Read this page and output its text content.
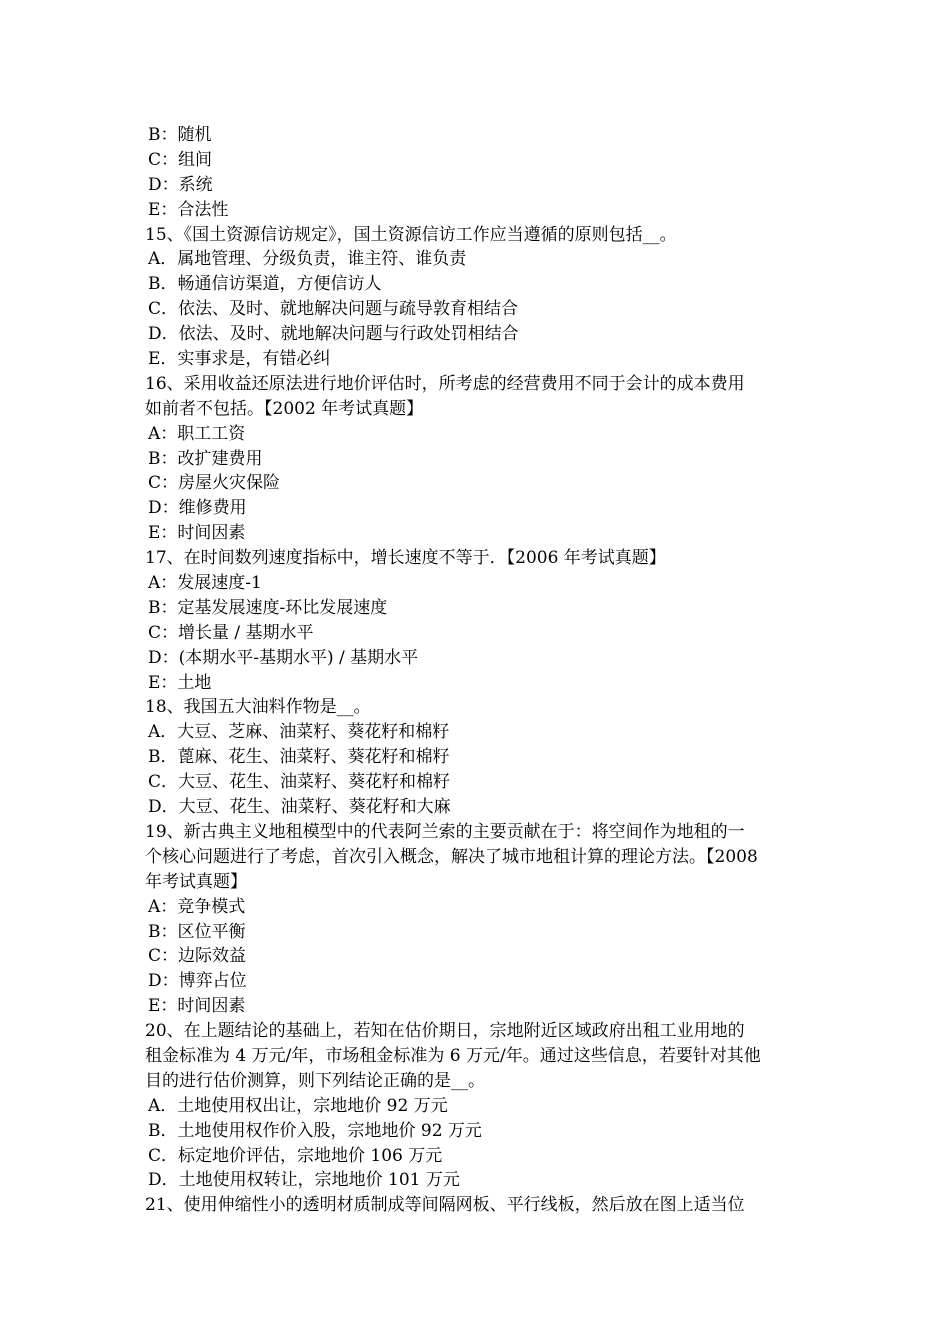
B：随机
C：组间
D：系统
E：合法性
15、《国土资源信访规定》，国土资源信访工作应当遵循的原则包括__。
A．属地管理、分级负责，谁主符、谁负责
B．畅通信访渠道，方便信访人
C．依法、及时、就地解决问题与疏导敦育相结合
D．依法、及时、就地解决问题与行政处罚相结合
E．实事求是，有错必纠
16、采用收益还原法进行地价评估时，所考虑的经营费用不同于会计的成本费用
如前者不包括。【2002 年考试真题】
A：职工工资
B：改扩建费用
C：房屋火灾保险
D：维修费用
E：时间因素
17、在时间数列速度指标中，增长速度不等于．【2006 年考试真题】
A：发展速度-1
B：定基发展速度-环比发展速度
C：增长量 / 基期水平
D：(本期水平-基期水平) / 基期水平
E：土地
18、我国五大油料作物是__。
A．大豆、芝麻、油菜籽、葵花籽和棉籽
B．蓖麻、花生、油菜籽、葵花籽和棉籽
C．大豆、花生、油菜籽、葵花籽和棉籽
D．大豆、花生、油菜籽、葵花籽和大麻
19、新古典主义地租模型中的代表阿兰索的主要贡献在于：将空间作为地租的一
个核心问题进行了考虑，首次引入概念，解决了城市地租计算的理论方法。【2008
年考试真题】
A：竞争模式
B：区位平衡
C：边际效益
D：博弈占位
E：时间因素
20、在上题结论的基础上，若知在估价期日，宗地附近区域政府出租工业用地的
租金标准为 4 万元/年，市场租金标准为 6 万元/年。通过这些信息，若要针对其他
目的进行估价测算，则下列结论正确的是__。
A．土地使用权出让，宗地地价 92 万元
B．土地使用权作价入股，宗地地价 92 万元
C．标定地价评估，宗地地价 106 万元
D．土地使用权转让，宗地地价 101 万元
21、使用伸缩性小的透明材质制成等间隔网板、平行线板，然后放在图上适当位
